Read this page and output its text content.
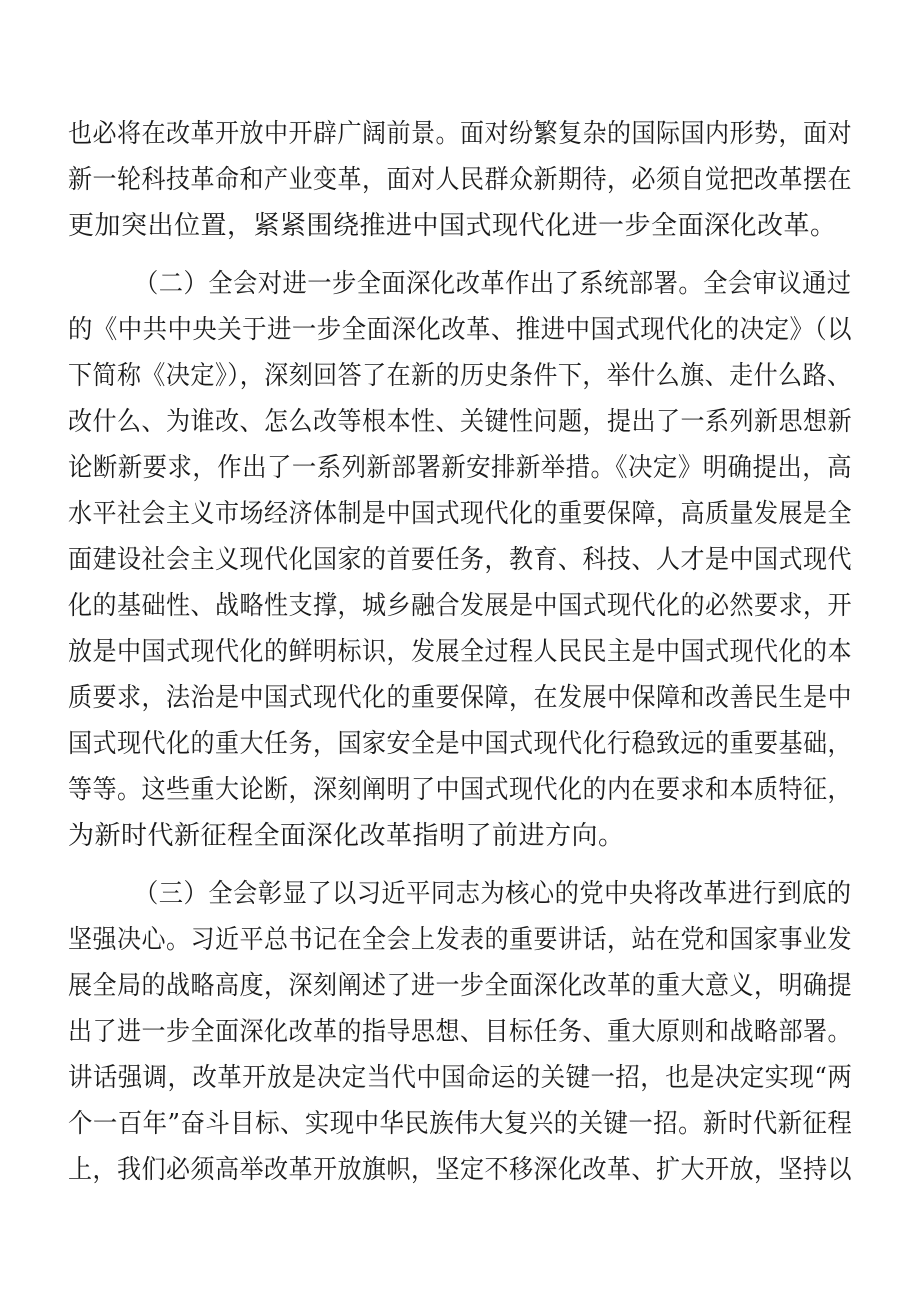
也必将在改革开放中开辟广阔前景。面对纷繁复杂的国际国内形势，面对
新一轮科技革命和产业变革，面对人民群众新期待，必须自觉把改革摆在
更加突出位置，紧紧围绕推进中国式现代化进一步全面深化改革。
（二）全会对进一步全面深化改革作出了系统部署。全会审议通过
的《中共中央关于进一步全面深化改革、推进中国式现代化的决定》（以
下简称《决定》），深刻回答了在新的历史条件下，举什么旗、走什么路、
改什么、为谁改、怎么改等根本性、关键性问题，提出了一系列新思想新
论断新要求，作出了一系列新部署新安排新举措。《决定》明确提出，高
水平社会主义市场经济体制是中国式现代化的重要保障，高质量发展是全
面建设社会主义现代化国家的首要任务，教育、科技、人才是中国式现代
化的基础性、战略性支撑，城乡融合发展是中国式现代化的必然要求，开
放是中国式现代化的鲜明标识，发展全过程人民民主是中国式现代化的本
质要求，法治是中国式现代化的重要保障，在发展中保障和改善民生是中
国式现代化的重大任务，国家安全是中国式现代化行稳致远的重要基础，
等等。这些重大论断，深刻阐明了中国式现代化的内在要求和本质特征，
为新时代新征程全面深化改革指明了前进方向。
（三）全会彰显了以习近平同志为核心的党中央将改革进行到底的
坚强决心。习近平总书记在全会上发表的重要讲话，站在党和国家事业发
展全局的战略高度，深刻阐述了进一步全面深化改革的重大意义，明确提
出了进一步全面深化改革的指导思想、目标任务、重大原则和战略部署。
讲话强调，改革开放是决定当代中国命运的关键一招，也是决定实现“两
个一百年”奋斗目标、实现中华民族伟大复兴的关键一招。新时代新征程
上，我们必须高举改革开放旗帜，坚定不移深化改革、扩大开放，坚持以
